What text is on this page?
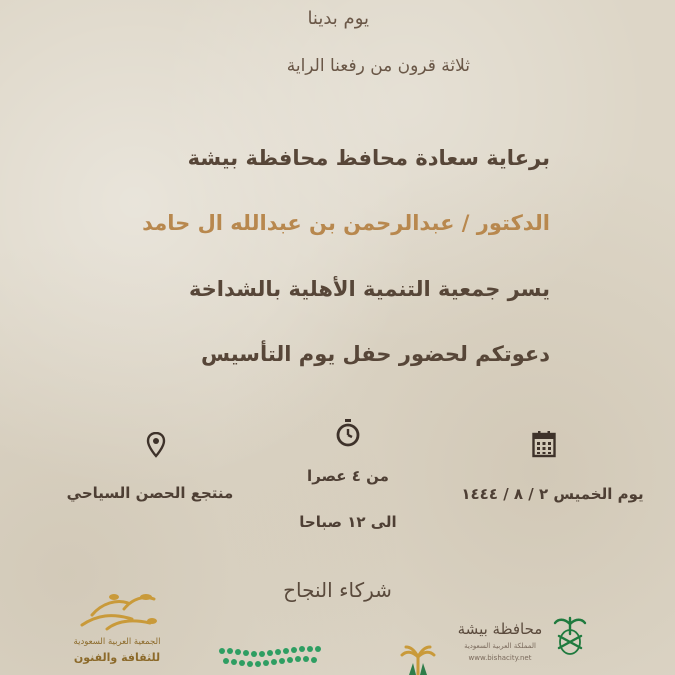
يوم بدينا
ثلاثة قرون من رفعنا الراية
برعاية سعادة محافظ محافظة بيشة
الدكتور / عبدالرحمن بن عبدالله ال حامد
يسر جمعية التنمية الأهلية بالشداخة
دعوتكم لحضور حفل يوم التأسيس
منتجع الحصن السياحي
من ٤ عصرا
الى ١٢ صباحا
يوم الخميس ٢ / ٨ / ١٤٤٤
شركاء النجاح
الجمعية العربية السعودية
للثقافة والفنون
محافظة بيشة
المملكة العربية السعودية
www.bishacity.net
